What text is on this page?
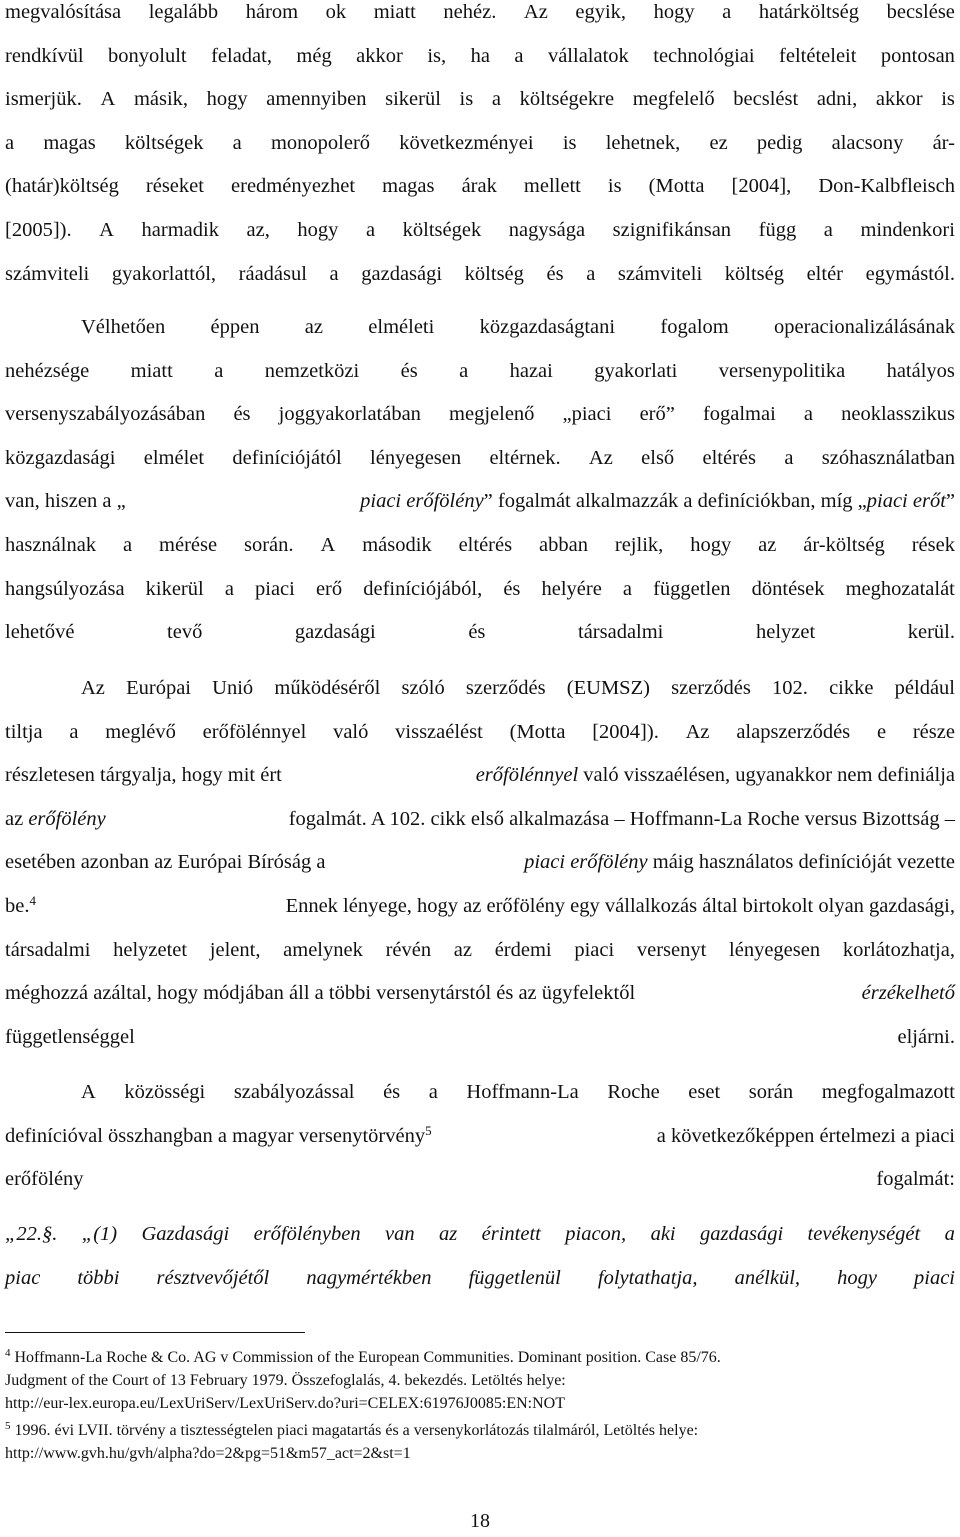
megvalósítása legalább három ok miatt nehéz. Az egyik, hogy a határköltség becslése
rendkívül bonyolult feladat, még akkor is, ha a vállalatok technológiai feltételeit pontosan
ismerjük. A másik, hogy amennyiben sikerül is a költségekre megfelelő becslést adni, akkor is
a magas költségek a monopolerő következményei is lehetnek, ez pedig alacsony ár-
(határ)költség réseket eredményezhet magas árak mellett is (Motta [2004], Don-Kalbfleisch
[2005]). A harmadik az, hogy a költségek nagysága szignifikánsan függ a mindenkori
számviteli gyakorlattól, ráadásul a gazdasági költség és a számviteli költség eltér egymástól.
Vélhetően éppen az elméleti közgazdaságtani fogalom operacionalizálásának
nehézsége miatt a nemzetközi és a hazai gyakorlati versenypolitika hatályos
versenyszabályozásában és joggyakorlatában megjelenő „piaci erő” fogalmai a neoklasszikus
közgazdasági elmélet definíciójától lényegesen eltérnek. Az első eltérés a szóhasználatban
van, hiszen a „	piaci erőfölény” fogalmát alkalmazzák a definíciókban, míg „piaci erőt”
használnak a mérése során. A második eltérés abban rejlik, hogy az ár-költség rések
hangsúlyozása kikerül a piaci erő definíciójából, és helyére a független döntések meghozatalát
lehetővé tevő gazdasági és társadalmi helyzet kerül.
Az Európai Unió működéséről szóló szerződés (EUMSZ) szerződés 102. cikke például
tiltja a meglévő erőfölénnyel való visszaélést (Motta [2004]). Az alapszerződés e része
részletesen tárgyalja, hogy mit ért	erőfölénnyel való visszaélésen, ugyanakkor nem definiálja
az erőfölény	fogalmát. A 102. cikk első alkalmazása – Hoffmann-La Roche versus Bizottság –
esetében azonban az Európai Bíróság a	piaci erőfölény máig használatos definícióját vezette
be.$^4$	Ennek lényege, hogy az erőfölény egy vállalkozás által birtokolt olyan gazdasági,
társadalmi helyzetet jelent, amelynek révén az érdemi piaci versenyt lényegesen korlátozhatja,
méghozzá azáltal, hogy módjában áll a többi versenytárstól és az ügyfelektől	érzékelhető
függetlenséggel eljárni.
A közösségi szabályozással és a Hoffmann-La Roche eset során megfogalmazott
definícióval összhangban a magyar versenytörvény$^5$	a következőképpen értelmezi a piaci
erőfölény fogalmát:
„22.§. „(1) Gazdasági erőfölényben van az érintett piacon, aki gazdasági tevékenységét a
piac többi résztvevőjétől nagymértékben függetlenül folytathatja, anélkül, hogy piaci
$^4$ Hoffmann-La Roche & Co. AG v Commission of the European Communities. Dominant position. Case 85/76.
Judgment of the Court of 13 February 1979. Összefoglalás, 4. bekezdés. Letöltés helye:
http://eur-lex.europa.eu/LexUriServ/LexUriServ.do?uri=CELEX:61976J0085:EN:NOT
$^5$ 1996. évi LVII. törvény a tisztességtelen piaci magatartás és a versenykorlátozás tilalmáról, Letöltés helye:
http://www.gvh.hu/gvh/alpha?do=2&pg=51&m57_act=2&st=1
18
